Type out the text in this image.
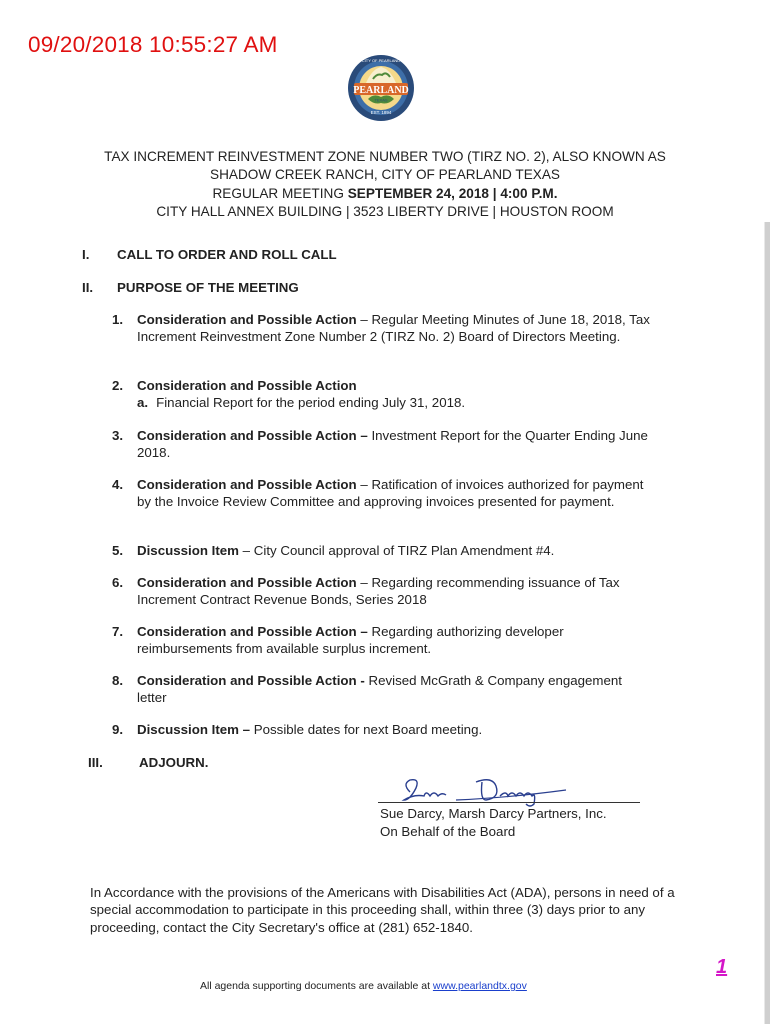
09/20/2018 10:55:27 AM
PEARLAND
TEXAS
EST. 1894
CITY OF PEARLAND
TAX INCREMENT REINVESTMENT ZONE NUMBER TWO (TIRZ NO. 2), ALSO KNOWN AS
SHADOW CREEK RANCH, CITY OF PEARLAND TEXAS
REGULAR MEETING SEPTEMBER 24, 2018 | 4:00 P.M.
CITY HALL ANNEX BUILDING | 3523 LIBERTY DRIVE | HOUSTON ROOM
I. CALL TO ORDER AND ROLL CALL
II. PURPOSE OF THE MEETING
1. Consideration and Possible Action – Regular Meeting Minutes of June 18, 2018, Tax Increment Reinvestment Zone Number 2 (TIRZ No. 2) Board of Directors Meeting.
2. Consideration and Possible Action
a. Financial Report for the period ending July 31, 2018.
3. Consideration and Possible Action – Investment Report for the Quarter Ending June 2018.
4. Consideration and Possible Action – Ratification of invoices authorized for payment by the Invoice Review Committee and approving invoices presented for payment.
5. Discussion Item – City Council approval of TIRZ Plan Amendment #4.
6. Consideration and Possible Action – Regarding recommending issuance of Tax Increment Contract Revenue Bonds, Series 2018
7. Consideration and Possible Action – Regarding authorizing developer reimbursements from available surplus increment.
8. Consideration and Possible Action - Revised McGrath & Company engagement letter
9. Discussion Item – Possible dates for next Board meeting.
III.	ADJOURN.
Sue Darcy, Marsh Darcy Partners, Inc.
On Behalf of the Board
In Accordance with the provisions of the Americans with Disabilities Act (ADA), persons in need of a special accommodation to participate in this proceeding shall, within three (3) days prior to any proceeding, contact the City Secretary's office at (281) 652-1840.
All agenda supporting documents are available at www.pearlandtx.gov
1
